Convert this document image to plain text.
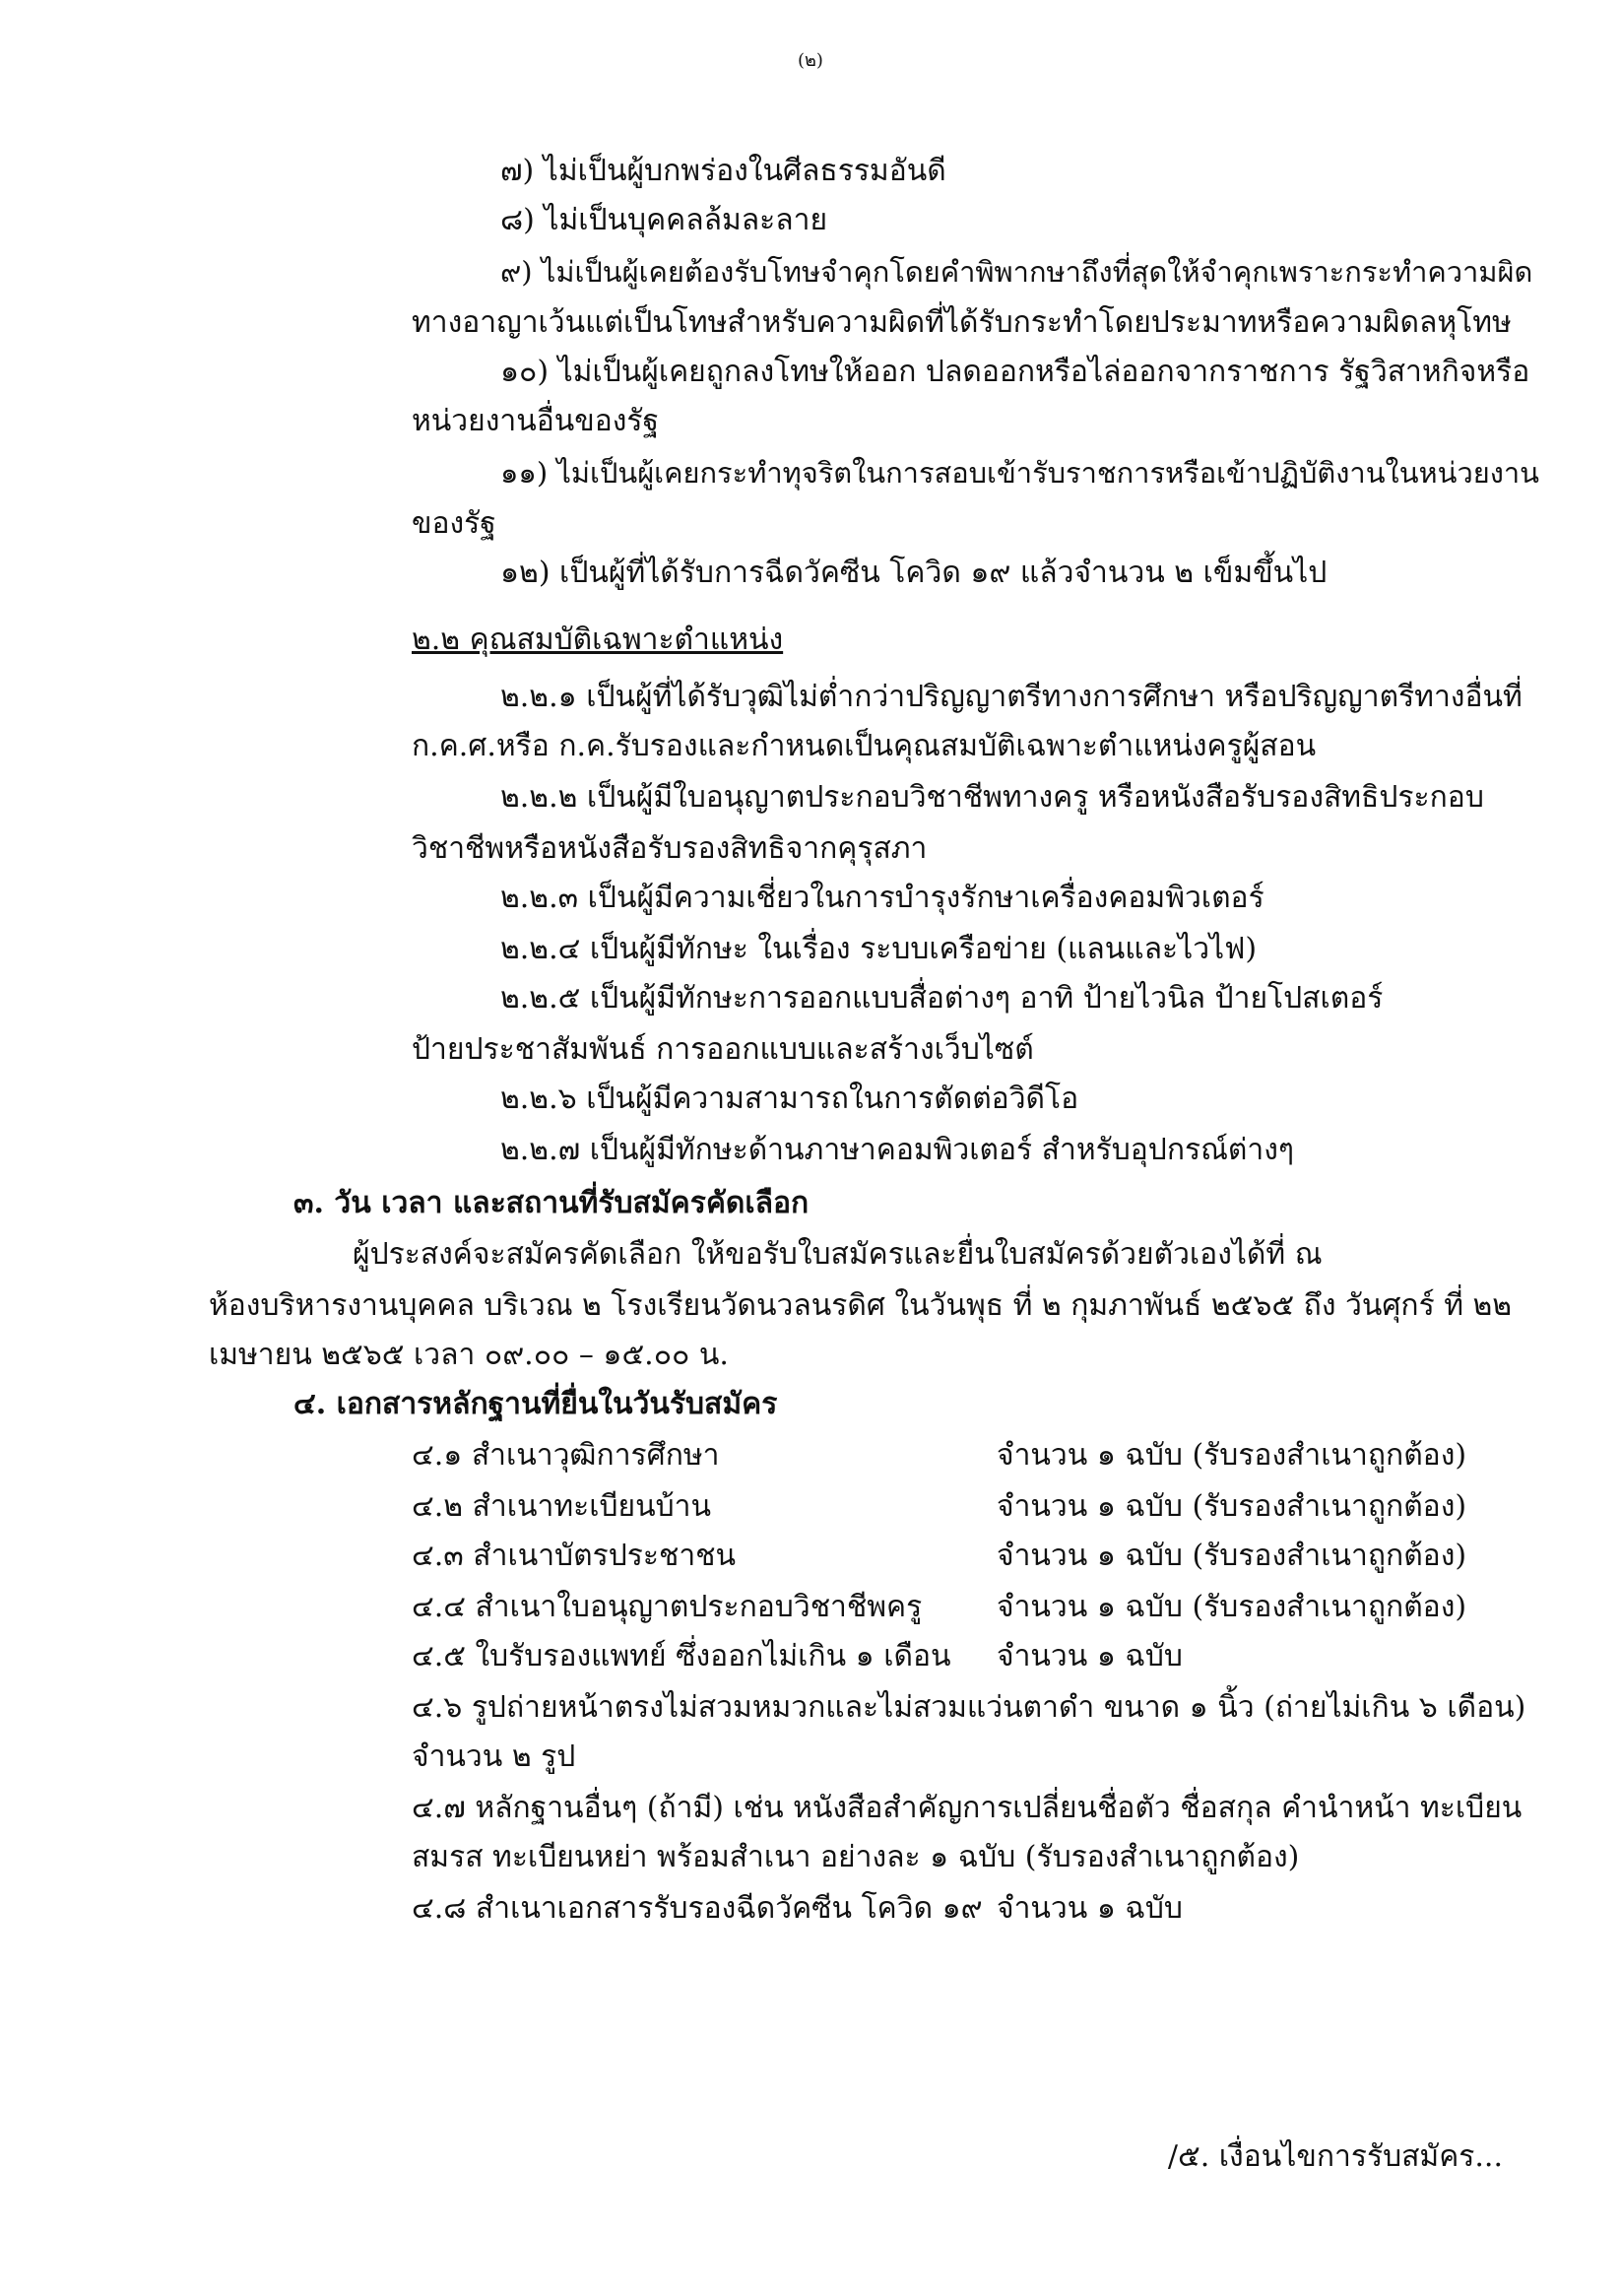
(๒)
๗) ไม่เป็นผู้บกพร่องในศีลธรรมอันดี
๘) ไม่เป็นบุคคลล้มละลาย
๙) ไม่เป็นผู้เคยต้องรับโทษจำคุกโดยคำพิพากษาถึงที่สุดให้จำคุกเพราะกระทำความผิด
ทางอาญาเว้นแต่เป็นโทษสำหรับความผิดที่ได้รับกระทำโดยประมาทหรือความผิดลหุโทษ
๑๐) ไม่เป็นผู้เคยถูกลงโทษให้ออก ปลดออกหรือไล่ออกจากราชการ รัฐวิสาหกิจหรือ
หน่วยงานอื่นของรัฐ
๑๑) ไม่เป็นผู้เคยกระทำทุจริตในการสอบเข้ารับราชการหรือเข้าปฏิบัติงานในหน่วยงาน
ของรัฐ
๑๒) เป็นผู้ที่ได้รับการฉีดวัคซีน โควิด ๑๙ แล้วจำนวน ๒ เข็มขึ้นไป
๒.๒ คุณสมบัติเฉพาะตำแหน่ง
๒.๒.๑ เป็นผู้ที่ได้รับวุฒิไม่ต่ำกว่าปริญญาตรีทางการศึกษา หรือปริญญาตรีทางอื่นที่
ก.ค.ศ.หรือ ก.ค.รับรองและกำหนดเป็นคุณสมบัติเฉพาะตำแหน่งครูผู้สอน
๒.๒.๒ เป็นผู้มีใบอนุญาตประกอบวิชาชีพทางครู หรือหนังสือรับรองสิทธิประกอบ
วิชาชีพหรือหนังสือรับรองสิทธิจากคุรุสภา
๒.๒.๓ เป็นผู้มีความเชี่ยวในการบำรุงรักษาเครื่องคอมพิวเตอร์
๒.๒.๔ เป็นผู้มีทักษะ ในเรื่อง ระบบเครือข่าย (แลนและไวไฟ)
๒.๒.๕ เป็นผู้มีทักษะการออกแบบสื่อต่างๆ อาทิ ป้ายไวนิล ป้ายโปสเตอร์
ป้ายประชาสัมพันธ์ การออกแบบและสร้างเว็บไซต์
๒.๒.๖ เป็นผู้มีความสามารถในการตัดต่อวิดีโอ
๒.๒.๗ เป็นผู้มีทักษะด้านภาษาคอมพิวเตอร์ สำหรับอุปกรณ์ต่างๆ
๓. วัน เวลา และสถานที่รับสมัครคัดเลือก
ผู้ประสงค์จะสมัครคัดเลือก ให้ขอรับใบสมัครและยื่นใบสมัครด้วยตัวเองได้ที่ ณ
ห้องบริหารงานบุคคล บริเวณ ๒ โรงเรียนวัดนวลนรดิศ ในวันพุธ ที่ ๒ กุมภาพันธ์ ๒๕๖๕ ถึง วันศุกร์ ที่ ๒๒
เมษายน ๒๕๖๕ เวลา ๐๙.๐๐ – ๑๕.๐๐ น.
๔. เอกสารหลักฐานที่ยื่นในวันรับสมัคร
๔.๑ สำเนาวุฒิการศึกษา	จำนวน ๑ ฉบับ (รับรองสำเนาถูกต้อง)
๔.๒ สำเนาทะเบียนบ้าน	จำนวน ๑ ฉบับ (รับรองสำเนาถูกต้อง)
๔.๓ สำเนาบัตรประชาชน	จำนวน ๑ ฉบับ (รับรองสำเนาถูกต้อง)
๔.๔ สำเนาใบอนุญาตประกอบวิชาชีพครู	จำนวน ๑ ฉบับ (รับรองสำเนาถูกต้อง)
๔.๕ ใบรับรองแพทย์ ซึ่งออกไม่เกิน ๑ เดือน จำนวน ๑ ฉบับ
๔.๖ รูปถ่ายหน้าตรงไม่สวมหมวกและไม่สวมแว่นตาดำ ขนาด ๑ นิ้ว (ถ่ายไม่เกิน ๖ เดือน)
จำนวน ๒ รูป
๔.๗ หลักฐานอื่นๆ (ถ้ามี) เช่น หนังสือสำคัญการเปลี่ยนชื่อตัว ชื่อสกุล คำนำหน้า ทะเบียน
สมรส ทะเบียนหย่า พร้อมสำเนา อย่างละ ๑ ฉบับ (รับรองสำเนาถูกต้อง)
๔.๘ สำเนาเอกสารรับรองฉีดวัคซีน โควิด ๑๙ จำนวน ๑ ฉบับ
/๕. เงื่อนไขการรับสมัคร...
